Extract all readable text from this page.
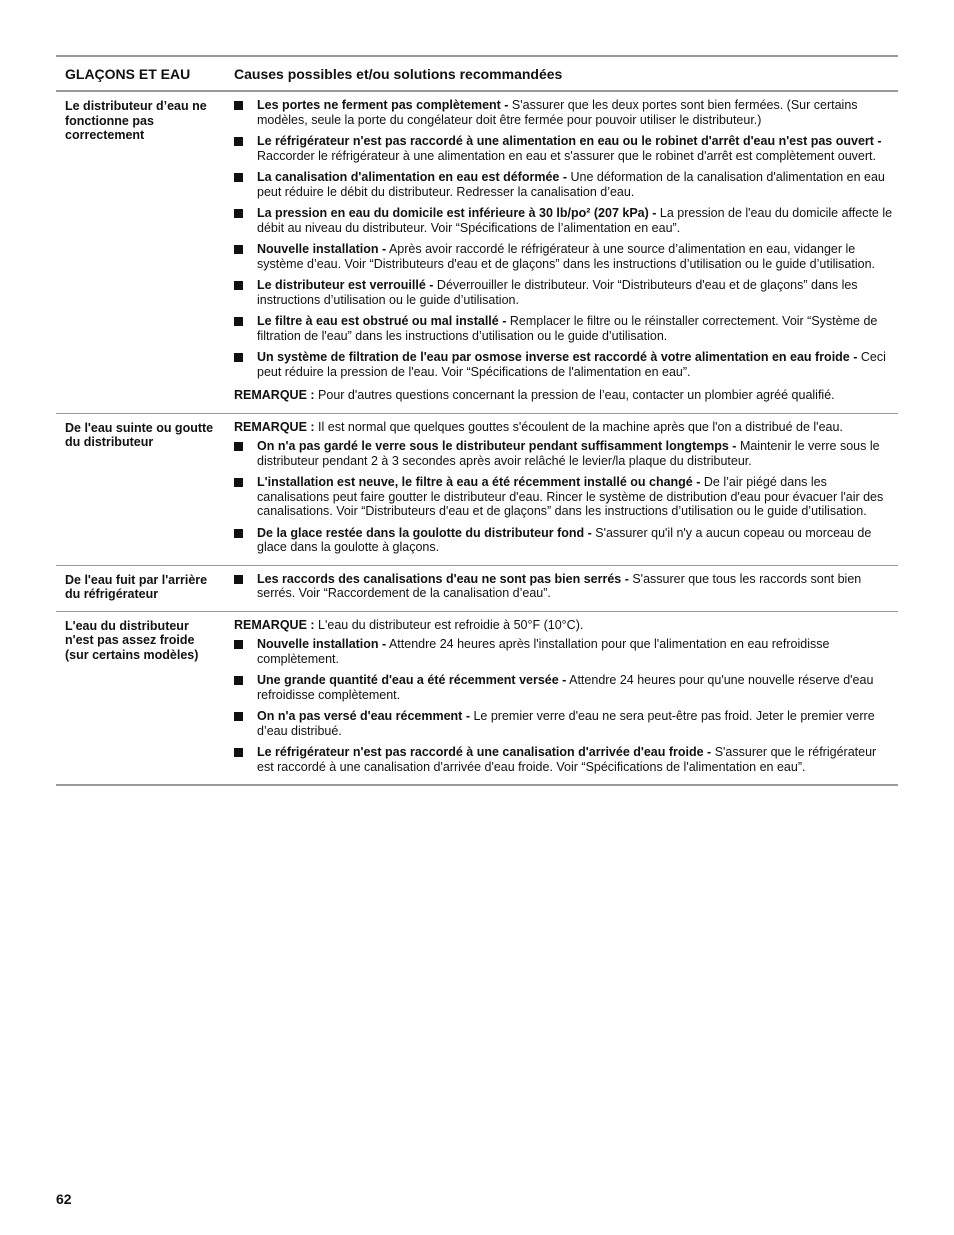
GLAÇONS ET EAU	Causes possibles et/ou solutions recommandées
Le distributeur d’eau ne fonctionne pas correctement
Les portes ne ferment pas complètement - S'assurer que les deux portes sont bien fermées. (Sur certains modèles, seule la porte du congélateur doit être fermée pour pouvoir utiliser le distributeur.)
Le réfrigérateur n'est pas raccordé à une alimentation en eau ou le robinet d'arrêt d'eau n'est pas ouvert - Raccorder le réfrigérateur à une alimentation en eau et s'assurer que le robinet d'arrêt est complètement ouvert.
La canalisation d'alimentation en eau est déformée - Une déformation de la canalisation d'alimentation en eau peut réduire le débit du distributeur. Redresser la canalisation d’eau.
La pression en eau du domicile est inférieure à 30 lb/po² (207 kPa) - La pression de l'eau du domicile affecte le débit au niveau du distributeur. Voir “Spécifications de l’alimentation en eau”.
Nouvelle installation - Après avoir raccordé le réfrigérateur à une source d’alimentation en eau, vidanger le système d’eau. Voir “Distributeurs d'eau et de glaçons” dans les instructions d’utilisation ou le guide d’utilisation.
Le distributeur est verrouillé - Déverrouiller le distributeur. Voir “Distributeurs d'eau et de glaçons” dans les instructions d’utilisation ou le guide d’utilisation.
Le filtre à eau est obstrué ou mal installé - Remplacer le filtre ou le réinstaller correctement. Voir “Système de filtration de l'eau” dans les instructions d’utilisation ou le guide d’utilisation.
Un système de filtration de l'eau par osmose inverse est raccordé à votre alimentation en eau froide - Ceci peut réduire la pression de l'eau. Voir “Spécifications de l'alimentation en eau”.
REMARQUE : Pour d'autres questions concernant la pression de l’eau, contacter un plombier agréé qualifié.
De l'eau suinte ou goutte du distributeur
REMARQUE : Il est normal que quelques gouttes s'écoulent de la machine après que l'on a distribué de l'eau.
On n'a pas gardé le verre sous le distributeur pendant suffisamment longtemps - Maintenir le verre sous le distributeur pendant 2 à 3 secondes après avoir relâché le levier/la plaque du distributeur.
L'installation est neuve, le filtre à eau a été récemment installé ou changé - De l’air piégé dans les canalisations peut faire goutter le distributeur d'eau. Rincer le système de distribution d'eau pour évacuer l'air des canalisations. Voir “Distributeurs d'eau et de glaçons” dans les instructions d’utilisation ou le guide d’utilisation.
De la glace restée dans la goulotte du distributeur fond - S'assurer qu'il n'y a aucun copeau ou morceau de glace dans la goulotte à glaçons.
De l'eau fuit par l'arrière du réfrigérateur
Les raccords des canalisations d'eau ne sont pas bien serrés - S'assurer que tous les raccords sont bien serrés. Voir “Raccordement de la canalisation d’eau”.
L'eau du distributeur n'est pas assez froide (sur certains modèles)
REMARQUE : L'eau du distributeur est refroidie à 50°F (10°C).
Nouvelle installation - Attendre 24 heures après l'installation pour que l'alimentation en eau refroidisse complètement.
Une grande quantité d'eau a été récemment versée - Attendre 24 heures pour qu'une nouvelle réserve d'eau refroidisse complètement.
On n'a pas versé d'eau récemment - Le premier verre d'eau ne sera peut-être pas froid. Jeter le premier verre d’eau distribué.
Le réfrigérateur n'est pas raccordé à une canalisation d'arrivée d'eau froide - S'assurer que le réfrigérateur est raccordé à une canalisation d'arrivée d'eau froide. Voir “Spécifications de l'alimentation en eau”.
62
